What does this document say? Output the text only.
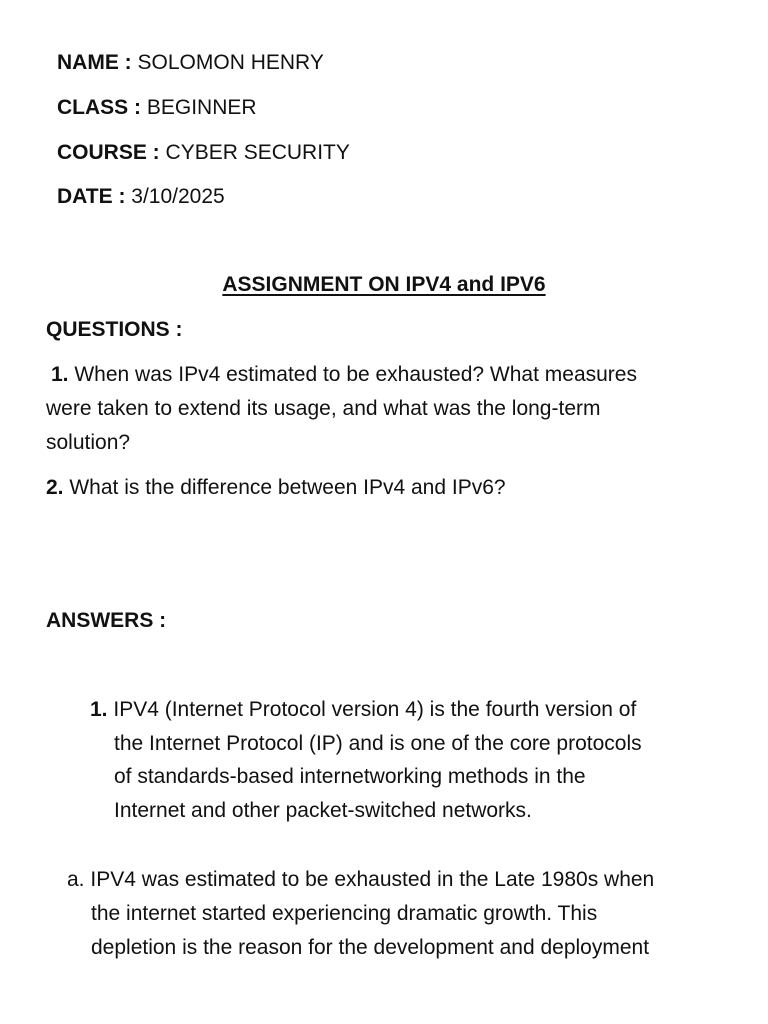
NAME : SOLOMON HENRY
CLASS : BEGINNER
COURSE : CYBER SECURITY
DATE : 3/10/2025
ASSIGNMENT ON IPV4 and IPV6
QUESTIONS :
1. When was IPv4 estimated to be exhausted? What measures
were taken to extend its usage, and what was the long-term
solution?
2. What is the difference between IPv4 and IPv6?
ANSWERS :
1. IPV4 (Internet Protocol version 4) is the fourth version of
the Internet Protocol (IP) and is one of the core protocols
of standards-based internetworking methods in the
Internet and other packet-switched networks.
a. IPV4 was estimated to be exhausted in the Late 1980s when
the internet started experiencing dramatic growth. This
depletion is the reason for the development and deployment
